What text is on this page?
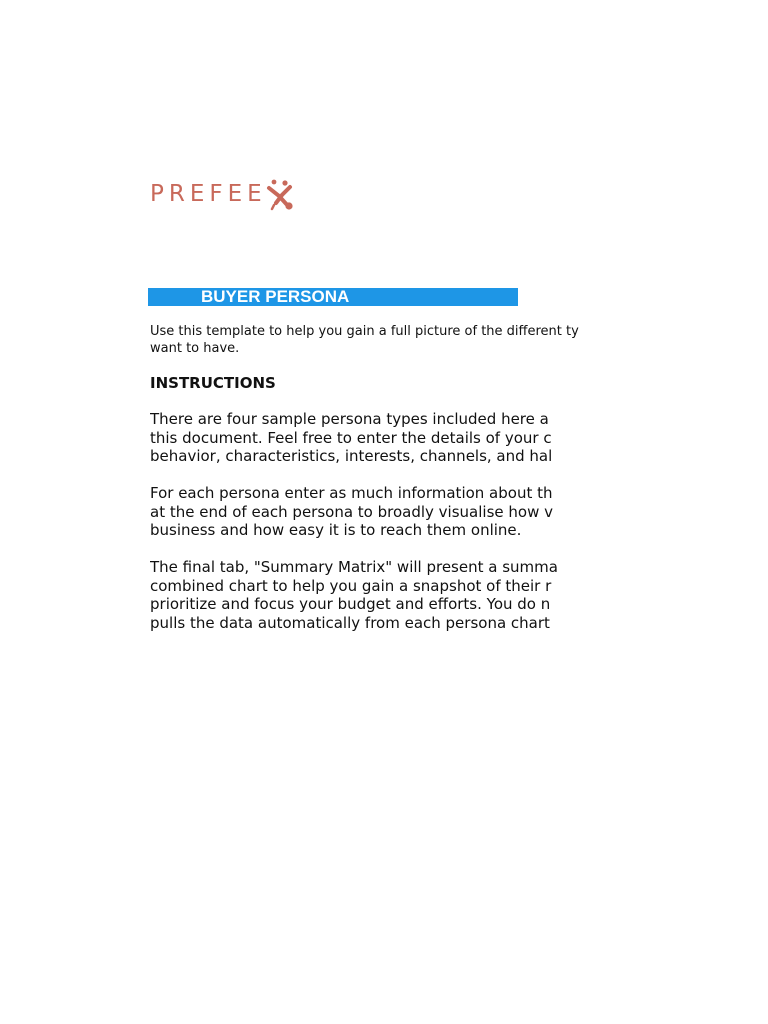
PREFEE
BUYER PERSONA
Use this template to help you gain a full picture of the different ty
want to have.
INSTRUCTIONS
There are four sample persona types included here a
this document. Feel free to enter the details of your c
behavior, characteristics, interests, channels, and hal
For each persona enter as much information about th
at the end of each persona to broadly visualise how v
business and how easy it is to reach them online.
The final tab, "Summary Matrix" will present a summa
combined chart to help you gain a snapshot of their r
prioritize and focus your budget and efforts. You do n
pulls the data automatically from each persona chart
